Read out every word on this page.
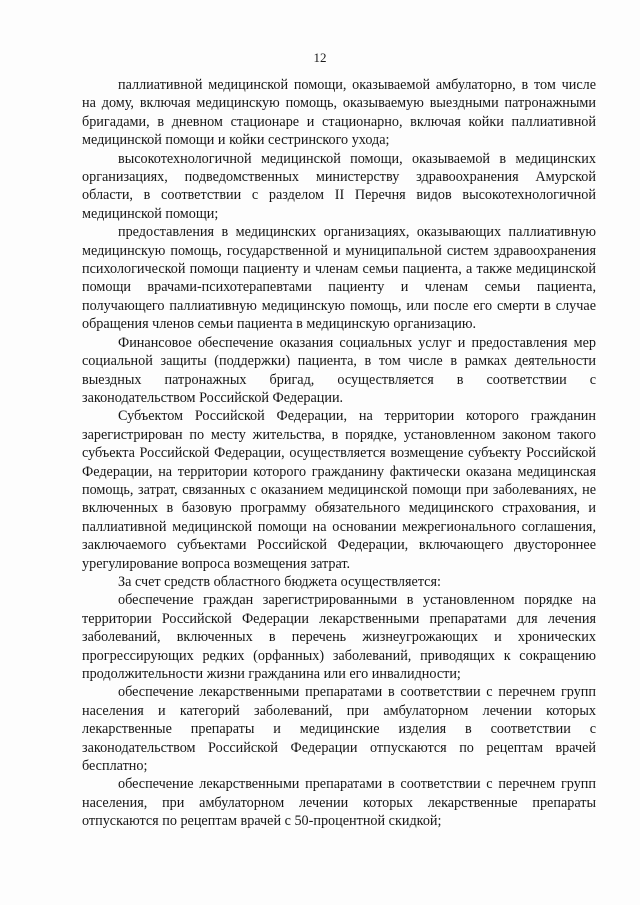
12

паллиативной медицинской помощи, оказываемой амбулаторно, в том числе на дому, включая медицинскую помощь, оказываемую выездными патронажными бригадами, в дневном стационаре и стационарно, включая койки паллиативной медицинской помощи и койки сестринского ухода;

высокотехнологичной медицинской помощи, оказываемой в медицинских организациях, подведомственных министерству здравоохранения Амурской области, в соответствии с разделом II Перечня видов высокотехнологичной медицинской помощи;

предоставления в медицинских организациях, оказывающих паллиативную медицинскую помощь, государственной и муниципальной систем здравоохранения психологической помощи пациенту и членам семьи пациента, а также медицинской помощи врачами-психотерапевтами пациенту и членам семьи пациента, получающего паллиативную медицинскую помощь, или после его смерти в случае обращения членов семьи пациента в медицинскую организацию.

Финансовое обеспечение оказания социальных услуг и предоставления мер социальной защиты (поддержки) пациента, в том числе в рамках деятельности выездных патронажных бригад, осуществляется в соответствии с законодательством Российской Федерации.

Субъектом Российской Федерации, на территории которого гражданин зарегистрирован по месту жительства, в порядке, установленном законом такого субъекта Российской Федерации, осуществляется возмещение субъекту Российской Федерации, на территории которого гражданину фактически оказана медицинская помощь, затрат, связанных с оказанием медицинской помощи при заболеваниях, не включенных в базовую программу обязательного медицинского страхования, и паллиативной медицинской помощи на основании межрегионального соглашения, заключаемого субъектами Российской Федерации, включающего двустороннее урегулирование вопроса возмещения затрат.

За счет средств областного бюджета осуществляется:

обеспечение граждан зарегистрированными в установленном порядке на территории Российской Федерации лекарственными препаратами для лечения заболеваний, включенных в перечень жизнеугрожающих и хронических прогрессирующих редких (орфанных) заболеваний, приводящих к сокращению продолжительности жизни гражданина или его инвалидности;

обеспечение лекарственными препаратами в соответствии с перечнем групп населения и категорий заболеваний, при амбулаторном лечении которых лекарственные препараты и медицинские изделия в соответствии с законодательством Российской Федерации отпускаются по рецептам врачей бесплатно;

обеспечение лекарственными препаратами в соответствии с перечнем групп населения, при амбулаторном лечении которых лекарственные препараты отпускаются по рецептам врачей с 50-процентной скидкой;
